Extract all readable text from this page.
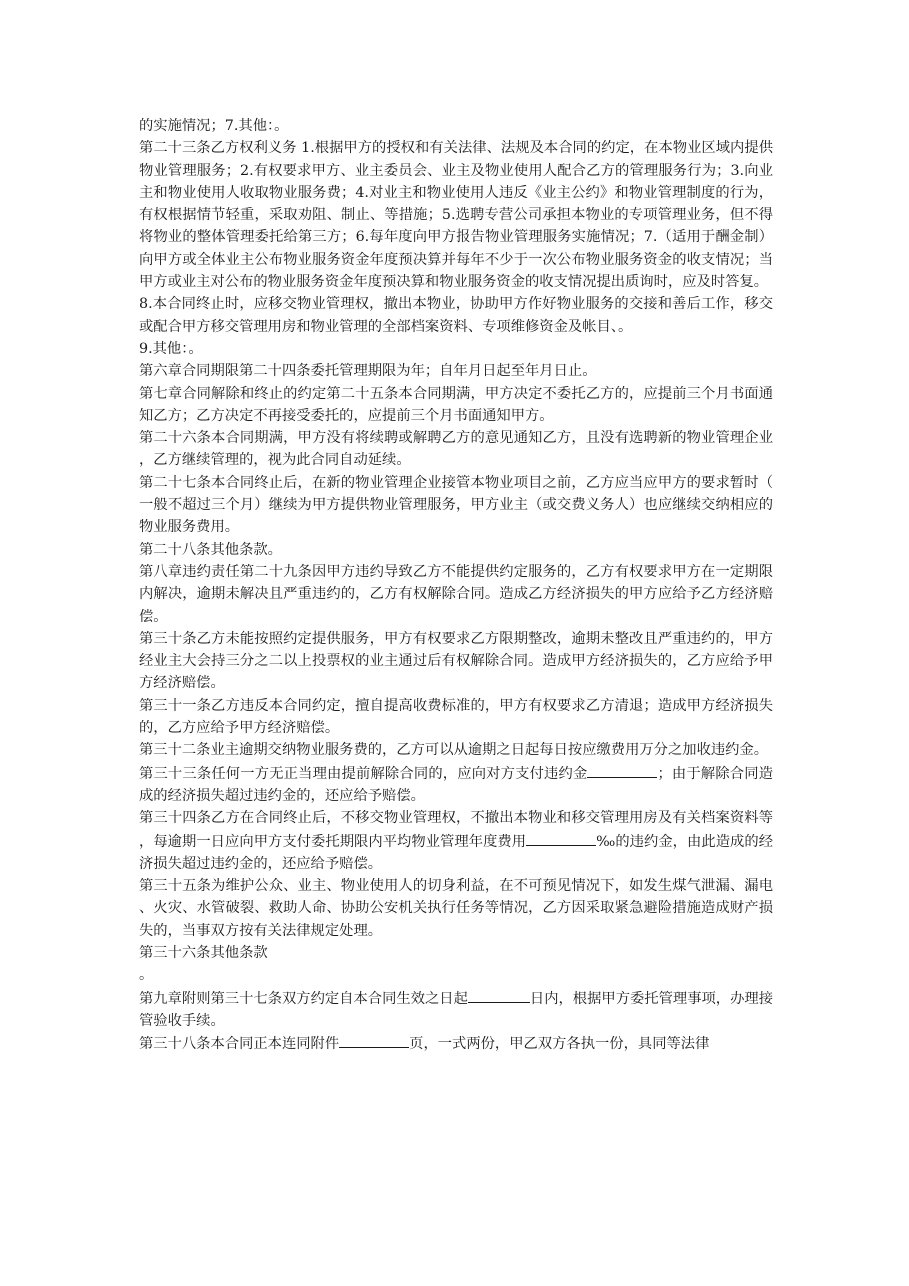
的实施情况；7.其他：。

第二十三条乙方权利义务 1.根据甲方的授权和有关法律、法规及本合同的约定，在本物业区域内提供物业管理服务；2.有权要求甲方、业主委员会、业主及物业使用人配合乙方的管理服务行为；3.向业主和物业使用人收取物业服务费；4.对业主和物业使用人违反《业主公约》和物业管理制度的行为，有权根据情节轻重，采取劝阻、制止、等措施；5.选聘专营公司承担本物业的专项管理业务，但不得将物业的整体管理委托给第三方；6.每年度向甲方报告物业管理服务实施情况；7.（适用于酬金制）向甲方或全体业主公布物业服务资金年度预决算并每年不少于一次公布物业服务资金的收支情况；当甲方或业主对公布的物业服务资金年度预决算和物业服务资金的收支情况提出质询时，应及时答复。

8.本合同终止时，应移交物业管理权，撤出本物业，协助甲方作好物业服务的交接和善后工作，移交或配合甲方移交管理用房和物业管理的全部档案资料、专项维修资金及帐目、。

9.其他：。

第六章合同期限第二十四条委托管理期限为年；自年月日起至年月日止。

第七章合同解除和终止的约定第二十五条本合同期满，甲方决定不委托乙方的，应提前三个月书面通知乙方；乙方决定不再接受委托的，应提前三个月书面通知甲方。

第二十六条本合同期满，甲方没有将续聘或解聘乙方的意见通知乙方，且没有选聘新的物业管理企业，乙方继续管理的，视为此合同自动延续。

第二十七条本合同终止后，在新的物业管理企业接管本物业项目之前，乙方应当应甲方的要求暂时（一般不超过三个月）继续为甲方提供物业管理服务，甲方业主（或交费义务人）也应继续交纳相应的物业服务费用。

第二十八条其他条款。

第八章违约责任第二十九条因甲方违约导致乙方不能提供约定服务的，乙方有权要求甲方在一定期限内解决，逾期未解决且严重违约的，乙方有权解除合同。造成乙方经济损失的甲方应给予乙方经济赔偿。

第三十条乙方未能按照约定提供服务，甲方有权要求乙方限期整改，逾期未整改且严重违约的，甲方经业主大会持三分之二以上投票权的业主通过后有权解除合同。造成甲方经济损失的，乙方应给予甲方经济赔偿。

第三十一条乙方违反本合同约定，擅自提高收费标准的，甲方有权要求乙方清退；造成甲方经济损失的，乙方应给予甲方经济赔偿。

第三十二条业主逾期交纳物业服务费的，乙方可以从逾期之日起每日按应缴费用万分之加收违约金。

第三十三条任何一方无正当理由提前解除合同的，应向对方支付违约金	；由于解除合同造成的经济损失超过违约金的，还应给予赔偿。

第三十四条乙方在合同终止后，不移交物业管理权，不撤出本物业和移交管理用房及有关档案资料等，每逾期一日应向甲方支付委托期限内平均物业管理年度费用	‰的违约金，由此造成的经济损失超过违约金的，还应给予赔偿。

第三十五条为维护公众、业主、物业使用人的切身利益，在不可预见情况下，如发生煤气泄漏、漏电、火灾、水管破裂、救助人命、协助公安机关执行任务等情况，乙方因采取紧急避险措施造成财产损失的，当事双方按有关法律规定处理。

第三十六条其他条款

。

第九章附则第三十七条双方约定自本合同生效之日起	日内，根据甲方委托管理事项，办理接管验收手续。

第三十八条本合同正本连同附件	页，一式两份，甲乙双方各执一份，具同等法律
